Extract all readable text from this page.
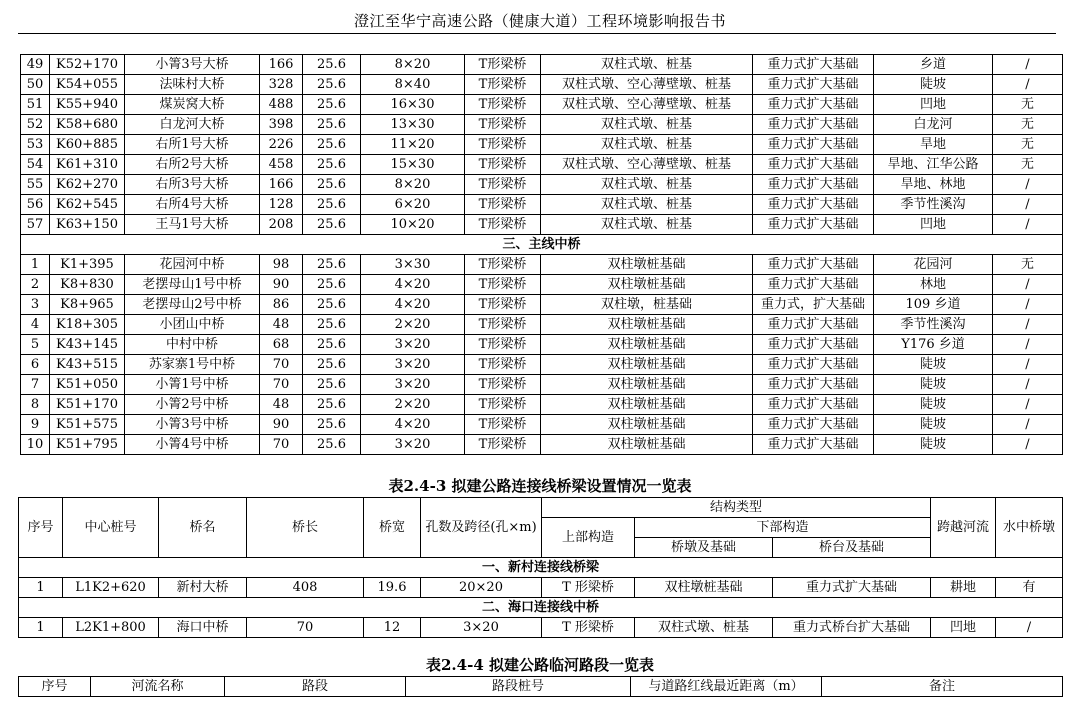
澄江至华宁高速公路（健康大道）工程环境影响报告书
49	K52+170	小箐3号大桥	166	25.6	8×20	T形梁桥	双柱式墩、桩基	重力式扩大基础	乡道	/
50	K54+055	法味村大桥	328	25.6	8×40	T形梁桥	双柱式墩、空心薄壁墩、桩基	重力式扩大基础	陡坡	/
51	K55+940	煤炭窝大桥	488	25.6	16×30	T形梁桥	双柱式墩、空心薄壁墩、桩基	重力式扩大基础	凹地	无
52	K58+680	白龙河大桥	398	25.6	13×30	T形梁桥	双柱式墩、桩基	重力式扩大基础	白龙河	无
53	K60+885	右所1号大桥	226	25.6	11×20	T形梁桥	双柱式墩、桩基	重力式扩大基础	旱地	无
54	K61+310	右所2号大桥	458	25.6	15×30	T形梁桥	双柱式墩、空心薄壁墩、桩基	重力式扩大基础	旱地、江华公路	无
55	K62+270	右所3号大桥	166	25.6	8×20	T形梁桥	双柱式墩、桩基	重力式扩大基础	旱地、林地	/
56	K62+545	右所4号大桥	128	25.6	6×20	T形梁桥	双柱式墩、桩基	重力式扩大基础	季节性溪沟	/
57	K63+150	王马1号大桥	208	25.6	10×20	T形梁桥	双柱式墩、桩基	重力式扩大基础	凹地	/
三、主线中桥										
1	K1+395	花园河中桥	98	25.6	3×30	T形梁桥	双柱墩桩基础	重力式扩大基础	花园河	无
2	K8+830	老摆母山1号中桥	90	25.6	4×20	T形梁桥	双柱墩桩基础	重力式扩大基础	林地	/
3	K8+965	老摆母山2号中桥	86	25.6	4×20	T形梁桥	双柱墩，桩基础	重力式，扩大基础	109 乡道	/
4	K18+305	小团山中桥	48	25.6	2×20	T形梁桥	双柱墩桩基础	重力式扩大基础	季节性溪沟	/
5	K43+145	中村中桥	68	25.6	3×20	T形梁桥	双柱墩桩基础	重力式扩大基础	Y176 乡道	/
6	K43+515	苏家寨1号中桥	70	25.6	3×20	T形梁桥	双柱墩桩基础	重力式扩大基础	陡坡	/
7	K51+050	小箐1号中桥	70	25.6	3×20	T形梁桥	双柱墩桩基础	重力式扩大基础	陡坡	/
8	K51+170	小箐2号中桥	48	25.6	2×20	T形梁桥	双柱墩桩基础	重力式扩大基础	陡坡	/
9	K51+575	小箐3号中桥	90	25.6	4×20	T形梁桥	双柱墩桩基础	重力式扩大基础	陡坡	/
10	K51+795	小箐4号中桥	70	25.6	3×20	T形梁桥	双柱墩桩基础	重力式扩大基础	陡坡	/
表2.4-3 拟建公路连接线桥梁设置情况一览表
序号	中心桩号	桥名	桥长	桥宽	孔数及跨径(孔×m)	结构类型			跨越河流	水中桥墩
						上部构造	下部构造			
							桥墩及基础	桥台及基础		
一、新村连接线桥梁										
1	L1K2+620	新村大桥	408	19.6	20×20	T 形梁桥	双柱墩桩基础	重力式扩大基础	耕地	有
二、海口连接线中桥										
1	L2K1+800	海口中桥	70	12	3×20	T 形梁桥	双柱式墩、桩基	重力式桥台扩大基础	凹地	/
表2.4-4 拟建公路临河路段一览表
序号	河流名称	路段	路段桩号	与道路红线最近距离（m）	备注
